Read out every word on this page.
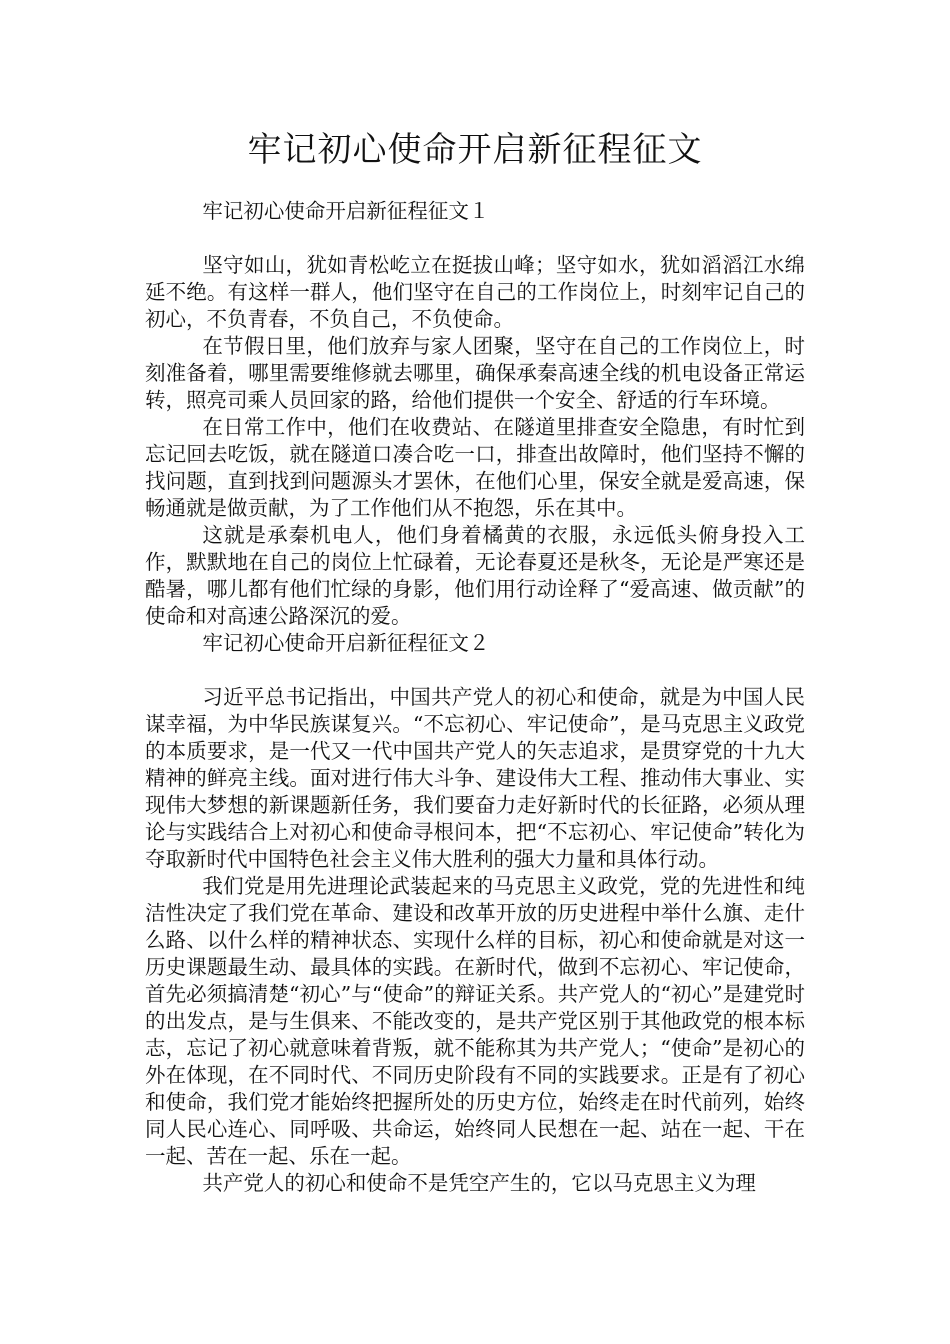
牢记初心使命开启新征程征文

牢记初心使命开启新征程征文１

坚守如山，犹如青松屹立在挺拔山峰；坚守如水，犹如滔滔江水绵延不绝。有这样一群人，他们坚守在自己的工作岗位上，时刻牢记自己的初心，不负青春，不负自己，不负使命。

在节假日里，他们放弃与家人团聚，坚守在自己的工作岗位上，时刻准备着，哪里需要维修就去哪里，确保承秦高速全线的机电设备正常运转，照亮司乘人员回家的路，给他们提供一个安全、舒适的行车环境。

在日常工作中，他们在收费站、在隧道里排查安全隐患，有时忙到忘记回去吃饭，就在隧道口凑合吃一口，排查出故障时，他们坚持不懈的找问题，直到找到问题源头才罢休，在他们心里，保安全就是爱高速，保畅通就是做贡献，为了工作他们从不抱怨，乐在其中。

这就是承秦机电人，他们身着橘黄的衣服，永远低头俯身投入工作，默默地在自己的岗位上忙碌着，无论春夏还是秋冬，无论是严寒还是酷暑，哪儿都有他们忙绿的身影，他们用行动诠释了“爱高速、做贡献”的使命和对高速公路深沉的爱。

牢记初心使命开启新征程征文２

习近平总书记指出，中国共产党人的初心和使命，就是为中国人民谋幸福，为中华民族谋复兴。“不忘初心、牢记使命”，是马克思主义政党的本质要求，是一代又一代中国共产党人的矢志追求，是贯穿党的十九大精神的鲜亮主线。面对进行伟大斗争、建设伟大工程、推动伟大事业、实现伟大梦想的新课题新任务，我们要奋力走好新时代的长征路，必须从理论与实践结合上对初心和使命寻根问本，把“不忘初心、牢记使命”转化为夺取新时代中国特色社会主义伟大胜利的强大力量和具体行动。

我们党是用先进理论武装起来的马克思主义政党，党的先进性和纯洁性决定了我们党在革命、建设和改革开放的历史进程中举什么旗、走什么路、以什么样的精神状态、实现什么样的目标，初心和使命就是对这一历史课题最生动、最具体的实践。在新时代，做到不忘初心、牢记使命，首先必须搞清楚“初心”与“使命”的辩证关系。共产党人的“初心”是建党时的出发点，是与生俱来、不能改变的，是共产党区别于其他政党的根本标志，忘记了初心就意味着背叛，就不能称其为共产党人；“使命”是初心的外在体现，在不同时代、不同历史阶段有不同的实践要求。正是有了初心和使命，我们党才能始终把握所处的历史方位，始终走在时代前列，始终同人民心连心、同呼吸、共命运，始终同人民想在一起、站在一起、干在一起、苦在一起、乐在一起。

共产党人的初心和使命不是凭空产生的，它以马克思主义为理
